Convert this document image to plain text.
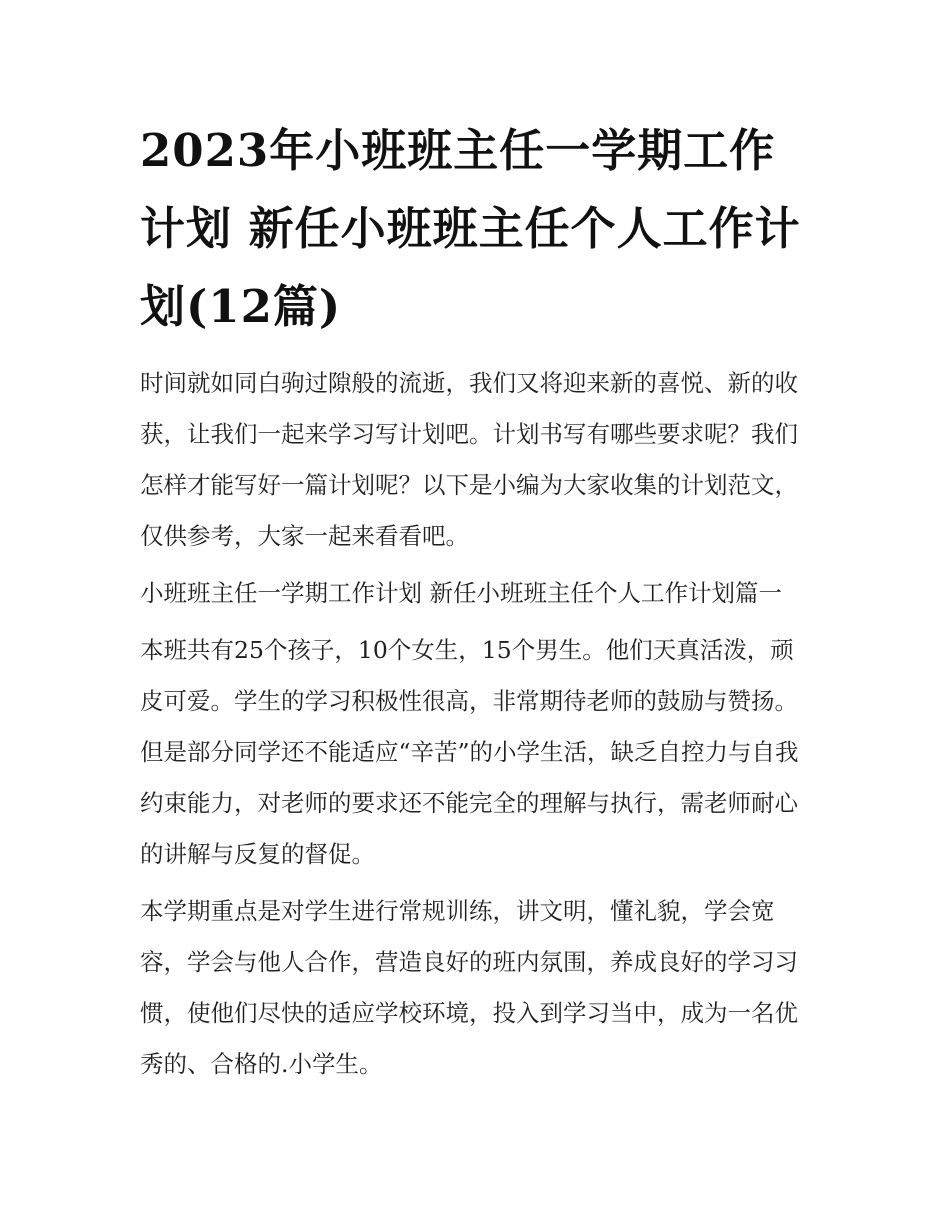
2023年小班班主任一学期工作计划 新任小班班主任个人工作计划(12篇)

时间就如同白驹过隙般的流逝，我们又将迎来新的喜悦、新的收获，让我们一起来学习写计划吧。计划书写有哪些要求呢？我们怎样才能写好一篇计划呢？以下是小编为大家收集的计划范文，仅供参考，大家一起来看看吧。

小班班主任一学期工作计划 新任小班班主任个人工作计划篇一

本班共有25个孩子，10个女生，15个男生。他们天真活泼，顽皮可爱。学生的学习积极性很高，非常期待老师的鼓励与赞扬。但是部分同学还不能适应“辛苦”的小学生活，缺乏自控力与自我约束能力，对老师的要求还不能完全的理解与执行，需老师耐心的讲解与反复的督促。

本学期重点是对学生进行常规训练，讲文明，懂礼貌，学会宽容，学会与他人合作，营造良好的班内氛围，养成良好的学习习惯，使他们尽快的适应学校环境，投入到学习当中，成为一名优秀的、合格的.小学生。
